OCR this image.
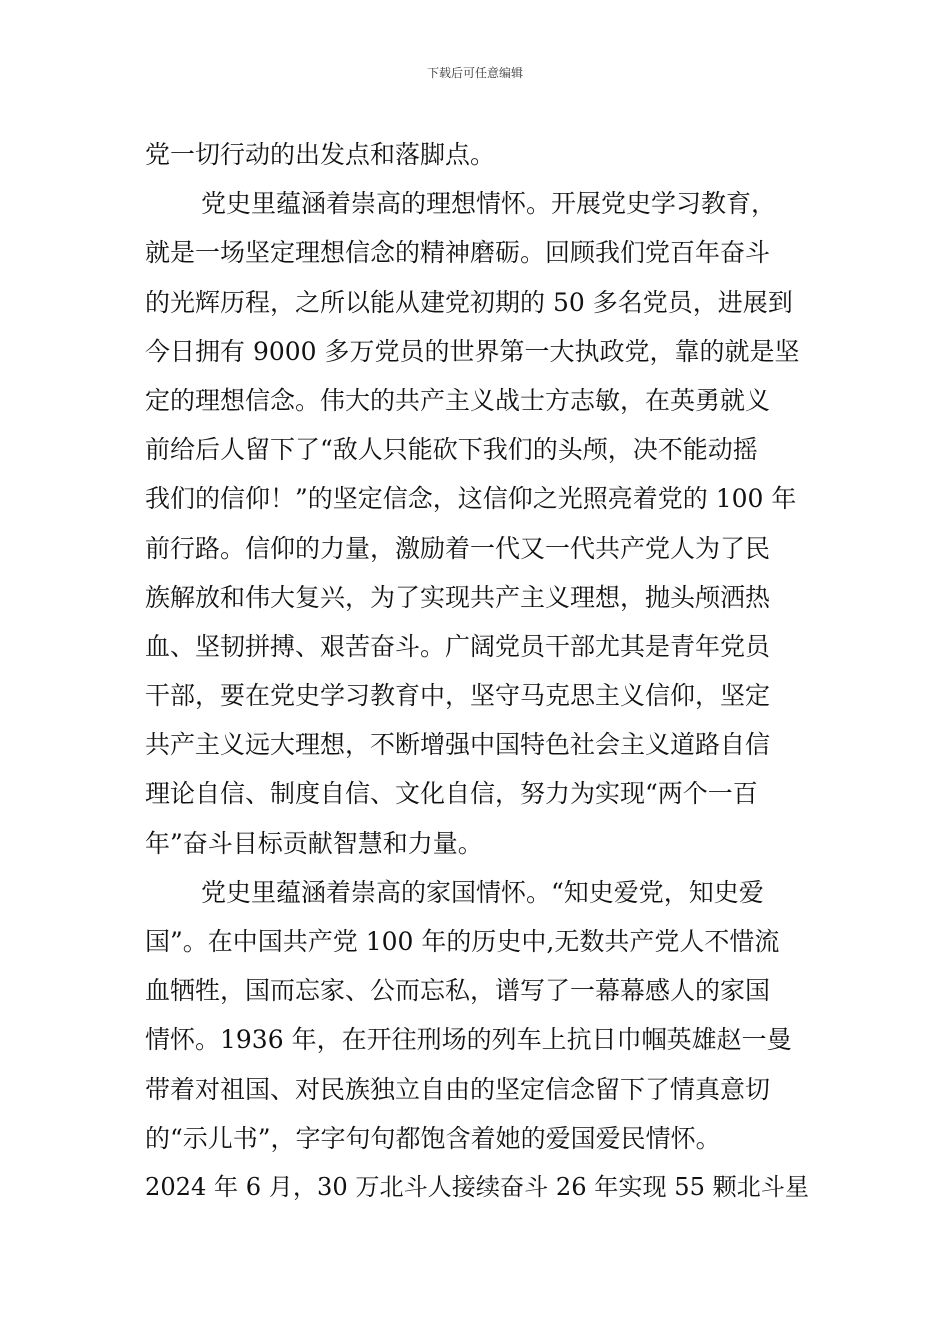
下载后可任意编辑
党一切行动的出发点和落脚点。
党史里蕴涵着崇高的理想情怀。开展党史学习教育，
就是一场坚定理想信念的精神磨砺。回顾我们党百年奋斗
的光辉历程，之所以能从建党初期的 50 多名党员，进展到
今日拥有 9000 多万党员的世界第一大执政党，靠的就是坚
定的理想信念。伟大的共产主义战士方志敏，在英勇就义
前给后人留下了“敌人只能砍下我们的头颅，决不能动摇
我们的信仰！”的坚定信念，这信仰之光照亮着党的 100 年
前行路。信仰的力量，激励着一代又一代共产党人为了民
族解放和伟大复兴，为了实现共产主义理想，抛头颅洒热
血、坚韧拼搏、艰苦奋斗。广阔党员干部尤其是青年党员
干部，要在党史学习教育中，坚守马克思主义信仰，坚定
共产主义远大理想，不断增强中国特色社会主义道路自信
理论自信、制度自信、文化自信，努力为实现“两个一百
年”奋斗目标贡献智慧和力量。
党史里蕴涵着崇高的家国情怀。“知史爱党，知史爱
国”。在中国共产党 100 年的历史中,无数共产党人不惜流
血牺牲，国而忘家、公而忘私，谱写了一幕幕感人的家国
情怀。1936 年，在开往刑场的列车上抗日巾帼英雄赵一曼
带着对祖国、对民族独立自由的坚定信念留下了情真意切
的“示儿书”，字字句句都饱含着她的爱国爱民情怀。
2024 年 6 月，30 万北斗人接续奋斗 26 年实现 55 颗北斗星
